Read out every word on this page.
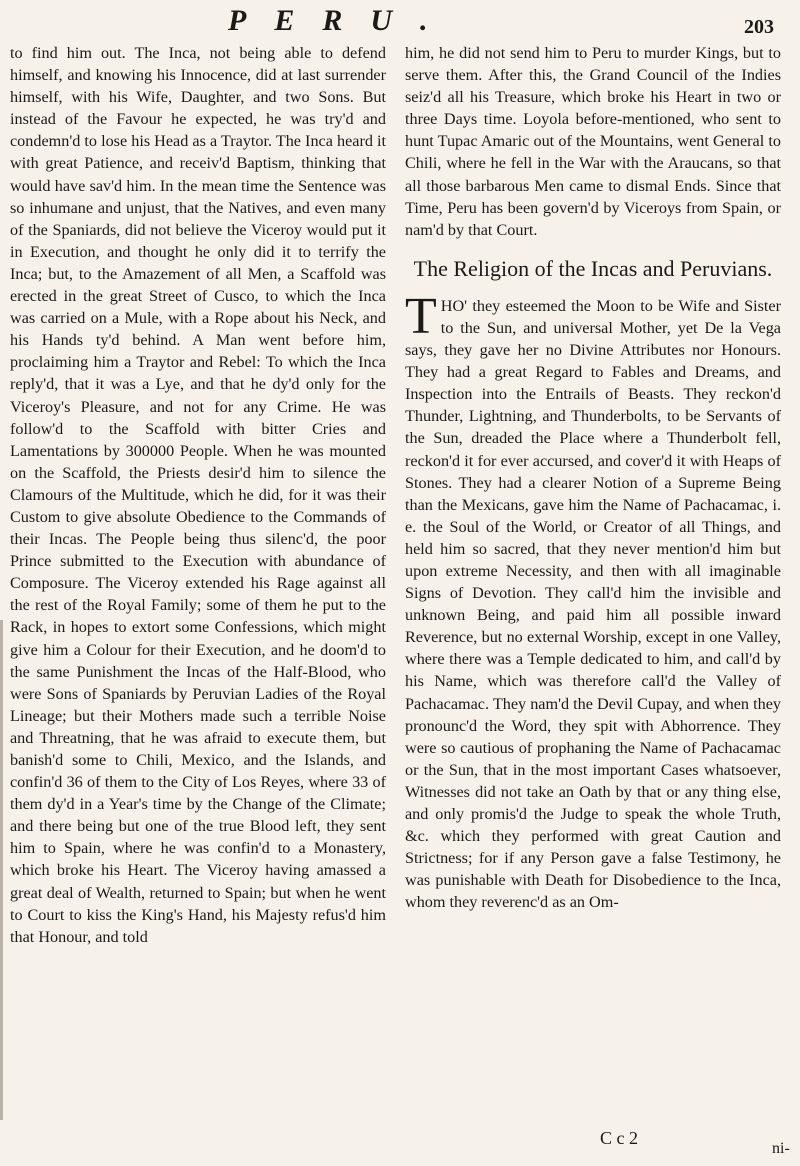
PERU.	203

to find him out. The Inca, not being able to defend himself, and knowing his Innocence, did at last surrender himself, with his Wife, Daughter, and two Sons. But instead of the Favour he expected, he was try'd and condemn'd to lose his Head as a Traytor. The Inca heard it with great Patience, and receiv'd Baptism, thinking that would have sav'd him. In the mean time the Sentence was so inhumane and unjust, that the Natives, and even many of the Spaniards, did not believe the Viceroy would put it in Execution, and thought he only did it to terrify the Inca; but, to the Amazement of all Men, a Scaffold was erected in the great Street of Cusco, to which the Inca was carried on a Mule, with a Rope about his Neck, and his Hands ty'd behind. A Man went before him, proclaiming him a Traytor and Rebel: To which the Inca reply'd, that it was a Lye, and that he dy'd only for the Viceroy's Pleasure, and not for any Crime. He was follow'd to the Scaffold with bitter Cries and Lamentations by 300000 People. When he was mounted on the Scaffold, the Priests desir'd him to silence the Clamours of the Multitude, which he did, for it was their Custom to give absolute Obedience to the Commands of their Incas. The People being thus silenc'd, the poor Prince submitted to the Execution with abundance of Composure. The Viceroy extended his Rage against all the rest of the Royal Family; some of them he put to the Rack, in hopes to extort some Confessions, which might give him a Colour for their Execution, and he doom'd to the same Punishment the Incas of the Half-Blood, who were Sons of Spaniards by Peruvian Ladies of the Royal Lineage; but their Mothers made such a terrible Noise and Threatning, that he was afraid to execute them, but banish'd some to Chili, Mexico, and the Islands, and confin'd 36 of them to the City of Los Reyes, where 33 of them dy'd in a Year's time by the Change of the Climate; and there being but one of the true Blood left, they sent him to Spain, where he was confin'd to a Monastery, which broke his Heart. The Viceroy having amassed a great deal of Wealth, returned to Spain; but when he went to Court to kiss the King's Hand, his Majesty refus'd him that Honour, and told

him, he did not send him to Peru to murder Kings, but to serve them. After this, the Grand Council of the Indies seiz'd all his Treasure, which broke his Heart in two or three Days time. Loyola before-mentioned, who sent to hunt Tupac Amaric out of the Mountains, went General to Chili, where he fell in the War with the Araucans, so that all those barbarous Men came to dismal Ends. Since that Time, Peru has been govern'd by Viceroys from Spain, or nam'd by that Court.

The Religion of the Incas and Peruvians.

THO' they esteemed the Moon to be Wife and Sister to the Sun, and universal Mother, yet De la Vega says, they gave her no Divine Attributes nor Honours. They had a great Regard to Fables and Dreams, and Inspection into the Entrails of Beasts. They reckon'd Thunder, Lightning, and Thunderbolts, to be Servants of the Sun, dreaded the Place where a Thunderbolt fell, reckon'd it for ever accursed, and cover'd it with Heaps of Stones. They had a clearer Notion of a Supreme Being than the Mexicans, gave him the Name of Pachacamac, i. e. the Soul of the World, or Creator of all Things, and held him so sacred, that they never mention'd him but upon extreme Necessity, and then with all imaginable Signs of Devotion. They call'd him the invisible and unknown Being, and paid him all possible inward Reverence, but no external Worship, except in one Valley, where there was a Temple dedicated to him, and call'd by his Name, which was therefore call'd the Valley of Pachacamac. They nam'd the Devil Cupay, and when they pronounc'd the Word, they spit with Abhorrence. They were so cautious of prophaning the Name of Pachacamac or the Sun, that in the most important Cases whatsoever, Witnesses did not take an Oath by that or any thing else, and only promis'd the Judge to speak the whole Truth, &c. which they performed with great Caution and Strictness; for if any Person gave a false Testimony, he was punishable with Death for Disobedience to the Inca, whom they reverenc'd as an Om-

C c 2
ni-
